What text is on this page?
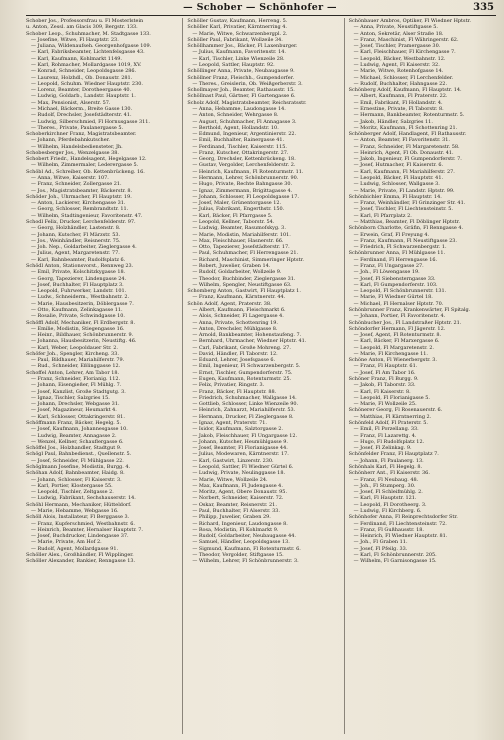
— Schober — Schönhofer —	335
Schober Jos., Professorsfrau u. Fl Mosterlstein
u. Anton, Zessl. am Glacis 309, Bergstr. 133.
Schober Leop., Schuhmacher, M. Stadtgasse 133.
— Josefine, Witwe, Fl Hauptstr. 23.
— Juliana, Wildenaufseh. Georgenhofgasse 109.
— Karl, Fabriksbeamter, Lichtenfelsgasse 43.
— Karl, Kaufmann, Kohlmarkt 1149.
— Karl, Rohmacher, Mollardgasse 1019, XV.
— Konrad, Schneider, Leopoldsgasse 286.
— Laurenz, Holzhdl., Ob. Donaustr. 281.
— Leopold, Schuhm. Wiedner Hauptstr. 230.
— Lorenz, Beamter, Dorotheergasse 40.
— Ludwig, Goldarb., Landstr. Hauptstr. 1.
— Max, Pensionist, Alserstr. 57.
— Michael, Bäckerm., Breite Gasse 130.
— Rudolf, Drechsler, Josefstädterstr. 41.
— Ludwig, Silberschmied, Fl Hornusgasse 311.
— Theres., Private, Paulanergasse 5.
Schoberkirchner Franz, Magistratsbeamter.
— Johann, Pferdebahnkutscher.
— Wilhelm, Handelsbediensteter, Jh.
Schobesberger Jos., Wenzelgasse 38.
Schobert Friedr., Handelsagent, Hegelgasse 12.
— Wilhelm, Zimmermaler, Lederergasse 5.
Schöbl Ad., Schreiber, Ob. Kettenbrückeng. 16.
— Anna, Witwe, Kaiserstr. 107.
— Franz, Schneider, Zollergasse 21.
— Jos., Magistratsbeamter, Bäckerstr. 8.
Schöder Joh., Uhrmacher, Fl Hauptstr. 19.
— Anton, Lackierer, Kirchengasse 31.
— Georg, Schlosser, Rembrandtstr. 11.
— Wilhelm, Stadtingenieur, Favoritenstr. 47.
Schodl Felix, Drucker, Lerchenfelderstr. 97.
— Georg, Holzhändler, Lastenstr. 8.
— Johann, Kutscher, Fl Märzstr. 53.
— Jos., Weinhändler, Reisnerstr. 75.
— Joh. Nep., Goldarbeiter, Zieglergasse 4.
— Julius, Agent, Margaretenstr. 77.
— Karl, Bahnbeamter, Rudolfsplatz 6.
Schödl Anton, Stationsvorst., Rennweg 23.
— Emil, Private, Kolschitzkygasse 18.
— Georg, Tapezierer, Lindengasse 24.
— Josef, Buchhalter, Fl Hauptplatz 3.
— Leopold, Fuhrwerker, Landstr. 101.
— Ludw., Schneiderm., Westbahnstr. 2.
— Marie, Hausbesitzerin, Döblergasse 7.
— Otto, Kaufmann, Zelinkagasse 11.
— Rosalie, Private, Schwindgasse 10.
Schöffl Adolf, Mechaniker, Fl Erdbergstr. 8.
— Emilie, Modistin, Stiegengasse 16.
— Heinr., Bildhauer, Schönbrunnerstr. 9.
— Johanna, Hausbesitzerin, Neustiftg. 46.
— Karl, Weber, Leopoldauer Str. 2.
Schöfer Joh., Spengler, Kircheng. 33.
— Paul, Bildhauer, Mariahilferstr. 79.
— Rud., Schneider, Eßlinggasse 12.
Schoffel Anton, Lehrer, Am Tabor 18.
— Franz, Schneider, Florianig. 112.
— Johann, Eisengießer, Fl Mühlg. 7.
— Josef, Kanzlist, Große Stadtgutg. 3.
— Ignaz, Tischler, Salzgries 15.
— Johann, Drechsler, Webgasse 31.
— Josef, Magazineur, Heumarkt 4.
— Karl, Schlosser, Ottakringerstr. 81.
Schöffmann Franz, Bäcker, Hegelg. 5.
— Josef, Kaufmann, Johannesgasse 10.
— Ludwig, Beamter, Annagasse 2.
— Wenzel, Kellner, Schauflergasse 6.
Schöffel Jos., Holzhandler, Stadtgut 9.
Schögl Paul, Bahnbedienst., Quellenstr. 5.
— Josef, Schneider, Fl Mühlgasse 22.
Schöglmann Josefine, Modistin, Burgg. 4.
Schöhan Adolf, Bahnbeamter, Haidg. 8.
— Johann, Schlosser, Fl Kaiserstr. 3.
— Karl, Portier, Klostergasse 55.
— Leopold, Tischler, Zeltgasse 2.
— Ludwig, Fabrikant, Sechshauserstr. 14.
Schöhl Hermann, Mechaniker, Hütteldorf.
— Marie, Hebamme, Webgasse 16.
Schöll Alois, Installateur, Fl Berggasse 3.
— Franz, Kupferschmied, Westbahnstr. 6.
— Heinrich, Beamter, Hernalser Hauptstr. 7.
— Josef, Buchdrucker, Lindengasse 37.
— Marie, Private, Am Hof 2.
— Rudolf, Agent, Mollardgasse 91.
Schöller Alex., Großhändler, Fl Wipplinger.
Schöller Alexander, Bankier, Renngasse 13.
Schöller Gustav, Kaufmann, Herreng. 5.
Schöller Karl, Privatier, Kärntnerring 4.
— Marie, Witwe, Schwarzenbergpl. 2.
Schöller Paul, Fabrikant, Wollzeile 34.
Schöllhammer Jos., Bäcker, Fl Laxenburger.
— Julius, Kaufmann, Favoritenstr. 14.
— Karl, Tischler, Linke Wienzeile 28.
— Leopold, Sattler, Hauptstr. 92.
Schöllinger Anna, Private, Neubaugasse 9.
Schöllner Franz, Fleischh., Gumpendorfer.
— Theres., Greislerin, Ob. Weißgerberstr. 3.
Schollmayer Joh., Beamter, Rathausstr. 15.
Schöllnast Paul, Gärtner, Fl Gartengasse 6.
Scholz Adolf, Magistratsbeamter, Reichsratsstr.
— Anna, Hebamme, Laudongasse 14.
— Anton, Schneider, Wehrgasse 8.
— August, Schuhmacher, Fl Annagasse 3.
— Berthold, Agent, Hollandstr. 10.
— Edmund, Ingenieur, Argentinierstr. 22.
— Emil, Buchhalter, Rainergasse 41.
— Ferdinand, Tischler, Kaiserstr. 115.
— Franz, Kutscher, Ottakringerstr. 27.
— Georg, Drechsler, Kettenbrückeng. 18.
— Gustav, Vergolder, Lerchenfelderstr. 2.
— Heinrich, Kaufmann, Fl Rotenturmstr. 11.
— Hermann, Lehrer, Schönbrunnerstr. 90.
— Hugo, Private, Rechte Bahngasse 30.
— Ignaz, Zimmermann, Brigittagasse 4.
— Johann, Schlosser, Fl Leopoldsgasse 17.
— Josef, Maler, Grünentorgasse 12.
— Julius, Fabrikant, Engerthstr. 150.
— Karl, Bäcker, Fl Pfarrgasse 5.
— Leopold, Kellner, Taborstr. 54.
— Ludwig, Beamter, Rasumofskyg. 3.
— Marie, Modistin, Mariahilferstr. 101.
— Max, Fleischhauer, Hasnerstr. 66.
— Otto, Tapezierer, Josefstädterstr. 17.
— Paul, Schuhmacher, Fl Herrengasse 21.
— Richard, Maschinist, Simmeringer Hptstr.
— Robert, Juwelier, Graben 14.
— Rudolf, Goldarbeiter, Wollzeile 9.
— Theodor, Buchbinder, Zieglergasse 31.
— Wilhelm, Spengler, Neustiftgasse 63.
Schomberg Anton, Gastwirt, Fl Hauptplatz 1.
— Franz, Kaufmann, Kärntnerstr. 44.
Schön Adolf, Agent, Praterstr. 38.
— Albert, Kaufmann, Fleischmarkt 6.
— Alois, Schneider, Fl Lagergasse 4.
— Anna, Private, Schottenring 19.
— Anton, Drechsler, Mühlgasse 8.
— Arnold, Bankbeamter, Hohenstaufeng. 7.
— Bernhard, Uhrmacher, Wiedner Hptstr. 41.
— Carl, Fabrikant, Große Mohreng. 27.
— David, Händler, Fl Taborstr. 12.
— Eduard, Lehrer, Josefsgasse 6.
— Emil, Ingenieur, Fl Schwarzenbergstr. 5.
— Ernst, Tischler, Gumpendorferstr. 75.
— Eugen, Kaufmann, Rotenturmstr. 25.
— Felix, Privatier, Ringstr. 3.
— Franz, Bäcker, Fl Hauptstr. 88.
— Friedrich, Schuhmacher, Wallgasse 14.
— Gottlieb, Schlosser, Linke Wienzeile 90.
— Heinrich, Zahnarzt, Mariahilferstr. 53.
— Hermann, Drucker, Fl Zieglergasse 8.
— Ignaz, Agent, Praterstr. 71.
— Isidor, Kaufmann, Salztorgasse 2.
— Jakob, Fleischhauer, Fl Ungargasse 12.
— Johann, Kutscher, Heumühlgasse 9.
— Josef, Beamter, Fl Florianigasse 44.
— Julius, Modewaren, Kärntnerstr. 17.
— Karl, Gastwirt, Linzerstr. 230.
— Leopold, Sattler, Fl Wiedner Gürtel 6.
— Ludwig, Private, Neulinggasse 18.
— Marie, Witwe, Wollzeile 24.
— Max, Kaufmann, Fl Judengasse 4.
— Moritz, Agent, Obere Donaustr. 95.
— Norbert, Schneider, Kaiserstr. 72.
— Oskar, Beamter, Reisnerstr. 21.
— Paul, Buchhalter, Fl Alserstr. 33.
— Philipp, Juwelier, Graben 29.
— Richard, Ingenieur, Laudongasse 8.
— Rosa, Modistin, Fl Kohlmarkt 9.
— Rudolf, Goldarbeiter, Neubaugasse 44.
— Samuel, Händler, Leopoldsgasse 13.
— Sigmund, Kaufmann, Fl Rotenturmstr. 6.
— Theodor, Vergolder, Stiftgasse 15.
— Wilhelm, Lehrer, Fl Schönbrunnerstr. 3.
Schönbauer Ambros, Optiker, Fl Wiedner Hptstr.
— Anna, Private, Neustiftgasse 5.
— Anton, Sekretär, Alser Straße 18.
— Franz, Maschinist, Fl Währingerstr. 62.
— Josef, Tischler, Pramergasse 30.
— Karl, Fleischhauer, Fl Kirchengasse 7.
— Leopold, Bäcker, Westbahnstr. 12.
— Ludwig, Agent, Fl Kaiserstr. 32.
— Marie, Witwe, Rotenhofgasse 14.
— Michael, Schlosser, Fl Lerchenfelder.
— Rudolf, Buchhalter, Hahngasse 22.
Schönberg Adolf, Kaufmann, Fl Hauptstr. 14.
— Albert, Kaufmann, Fl Praterstr. 22.
— Emil, Fabrikant, Fl Hollandstr. 4.
— Ernestine, Private, Fl Taborstr. 8.
— Hermann, Bankbeamter, Rotenturmstr. 5.
— Jakob, Händler, Salzgries 11.
— Moritz, Kaufmann, Fl Schottenring 21.
Schönberger Adolf, Handlagent, Fl Rathausstr.
— Anton, Beamter, Fl Favoritenstr. 31.
— Franz, Schneider, Fl Margaretenstr. 58.
— Heinrich, Agent, Fl Ob. Donaustr. 41.
— Jakob, Ingenieur, Fl Gumpendorferstr. 7.
— Josef, Hutmacher, Fl Kaiserstr. 6.
— Karl, Kaufmann, Fl Mariahilferstr. 27.
— Leopold, Bäcker, Fl Hauptstr. 41.
— Ludwig, Schlosser, Wallgasse 3.
— Marie, Private, Fl Landstr. Hptstr. 99.
Schönbichler Emma, Fl Hauptstr. 14.
— Franz, Weinhändler, Fl Grinzinger Str. 41.
— Josef, Tischler, Fl Liechtensteinstr. 5.
— Karl, Fl Pfarrplatz 2.
— Matthias, Beamter, Fl Döblinger Hptstr.
Schönborn Charlotte, Gräfin, Fl Renngasse 4.
— Erwein, Graf, Fl Freyung 4.
— Franz, Kaufmann, Fl Neustiftgasse 23.
— Friedrich, Fl Schwarzenbergstr. 1.
Schönbrunner Anna, Fl Mühlgasse 11.
— Ferdinand, Fl Herrengasse 16.
— Franz, Fl Ungargasse 27.
— Joh., Fl Löwengasse 19.
— Josef, Fl Siebensterngasse 33.
— Karl, Fl Gumpendorferstr. 103.
— Leopold, Fl Schönbrunnerstr. 131.
— Marie, Fl Wiedner Gürtel 18.
— Michael, Fl Hernalser Hptstr. 70.
Schönbrunner Franz, Krankenwärter, Fl Spitalg.
— Johann, Portier, Fl Favoritenstr. 4.
Schönbucher Jos., Fl Landstraßer Hptstr. 21.
Schöndorfer Hermann, Fl Jägerstr. 12.
— Josef, Agent, Fl Rotenturmstr. 8.
— Karl, Bäcker, Fl Marxergasse 6.
— Leopold, Fl Margaretenstr. 2.
— Marie, Fl Kirchengasse 11.
Schöne Anton, Fl Wienerbergstr. 3.
— Franz, Fl Hauptstr. 61.
— Josef, Fl Am Tabor 16.
Schöner Franz, Fl Burgg. 9.
— Jakob, Fl Taborstr. 33.
— Karl, Fl Kaiserstr. 8.
— Leopold, Fl Florianigasse 5.
— Marie, Fl Wollzeile 25.
Schönerer Georg, Fl Rosenauerstr. 6.
— Matthias, Fl Kärntnerring 2.
Schönfeld Adolf, Fl Praterstr. 5.
— Emil, Fl Porzellang. 33.
— Franz, Fl Lazarettg. 4.
— Hugo, Fl Rudolfsplatz 12.
— Josef, Fl Zelinkag. 9.
Schönfelder Franz, Fl Hauptplatz 7.
— Johann, Fl Paulanerg. 13.
Schönhals Karl, Fl Hegelg. 8.
Schönherr Ant., Fl Kaiserstr. 36.
— Franz, Fl Neubaug. 48.
— Joh., Fl Stumperg. 30.
— Josef, Fl Schleifmühlg. 2.
— Karl, Fl Hauptstr. 121.
— Leopold, Fl Dorotheerg. 3.
— Ludwig, Fl Kirchberg. 6.
Schönhofer Anna, Fl Reinprechtsdorfer Str.
— Ferdinand, Fl Liechtensteinstr. 72.
— Franz, Fl Gußhausstr. 18.
— Heinrich, Fl Wiedner Hauptstr. 81.
— Joh., Fl Graben 11.
— Josef, Fl Pfeilg. 33.
— Karl, Fl Schönbrunnerstr. 205.
— Wilhelm, Fl Garnisongasse 15.
